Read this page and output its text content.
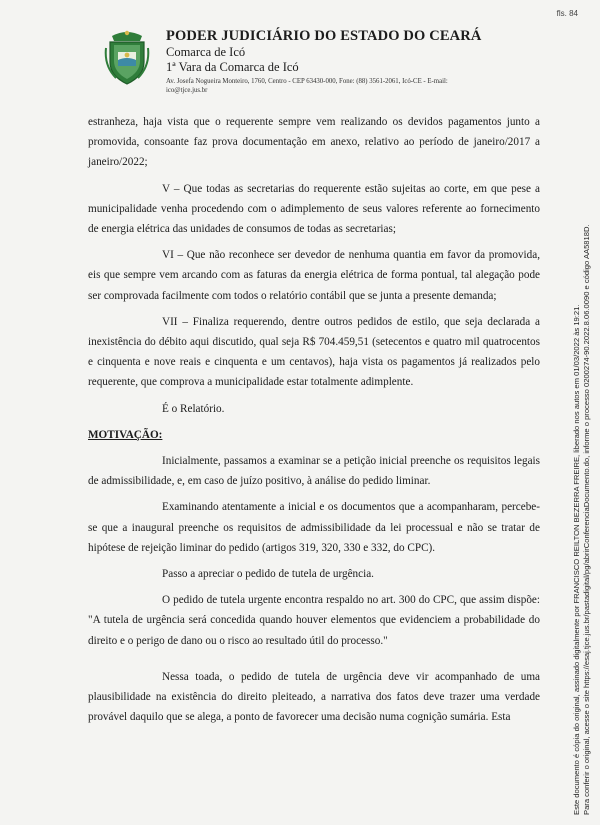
fls. 84
PODER JUDICIÁRIO DO ESTADO DO CEARÁ
Comarca de Icó
1ª Vara da Comarca de Icó
Av. Josefa Nogueira Monteiro, 1760, Centro - CEP 63430-000, Fone: (88) 3561-2061, Icó-CE - E-mail:
ico@tjce.jus.br

estranheza, haja vista que o requerente sempre vem realizando os devidos pagamentos junto a promovida, consoante faz prova documentação em anexo, relativo ao período de janeiro/2017 a janeiro/2022;

V – Que todas as secretarias do requerente estão sujeitas ao corte, em que pese a municipalidade venha procedendo com o adimplemento de seus valores referente ao fornecimento de energia elétrica das unidades de consumos de todas as secretarias;

VI – Que não reconhece ser devedor de nenhuma quantia em favor da promovida, eis que sempre vem arcando com as faturas da energia elétrica de forma pontual, tal alegação pode ser comprovada facilmente com todos o relatório contábil que se junta a presente demanda;

VII – Finaliza requerendo, dentre outros pedidos de estilo, que seja declarada a inexistência do débito aqui discutido, qual seja R$ 704.459,51 (setecentos e quatro mil quatrocentos e cinquenta e nove reais e cinquenta e um centavos), haja vista os pagamentos já realizados pelo requerente, que comprova a municipalidade estar totalmente adimplente.

É o Relatório.

MOTIVAÇÃO:

Inicialmente, passamos a examinar se a petição inicial preenche os requisitos legais de admissibilidade, e, em caso de juízo positivo, à análise do pedido liminar.

Examinando atentamente a inicial e os documentos que a acompanharam, percebe-se que a inaugural preenche os requisitos de admissibilidade da lei processual e não se tratar de hipótese de rejeição liminar do pedido (artigos 319, 320, 330 e 332, do CPC).

Passo a apreciar o pedido de tutela de urgência.

O pedido de tutela urgente encontra respaldo no art. 300 do CPC, que assim dispõe: "A tutela de urgência será concedida quando houver elementos que evidenciem a probabilidade do direito e o perigo de dano ou o risco ao resultado útil do processo."

Nessa toada, o pedido de tutela de urgência deve vir acompanhado de uma plausibilidade na existência do direito pleiteado, a narrativa dos fatos deve trazer uma verdade provável daquilo que se alega, a ponto de favorecer uma decisão numa cognição sumária. Esta	Este documento é cópia do original, assinado digitalmente por FRANCISCO REILTON BEZERRA FREIRE, liberado nos autos em 01/03/2022 às 19:21. Para conferir o original, acesse o site https://esaj.tjce.jus.br/pastadigital/pg/abrirConferenciaDocumento.do, informe o processo 0200274-90.2022.8.06.0090 e código AA5818D.
